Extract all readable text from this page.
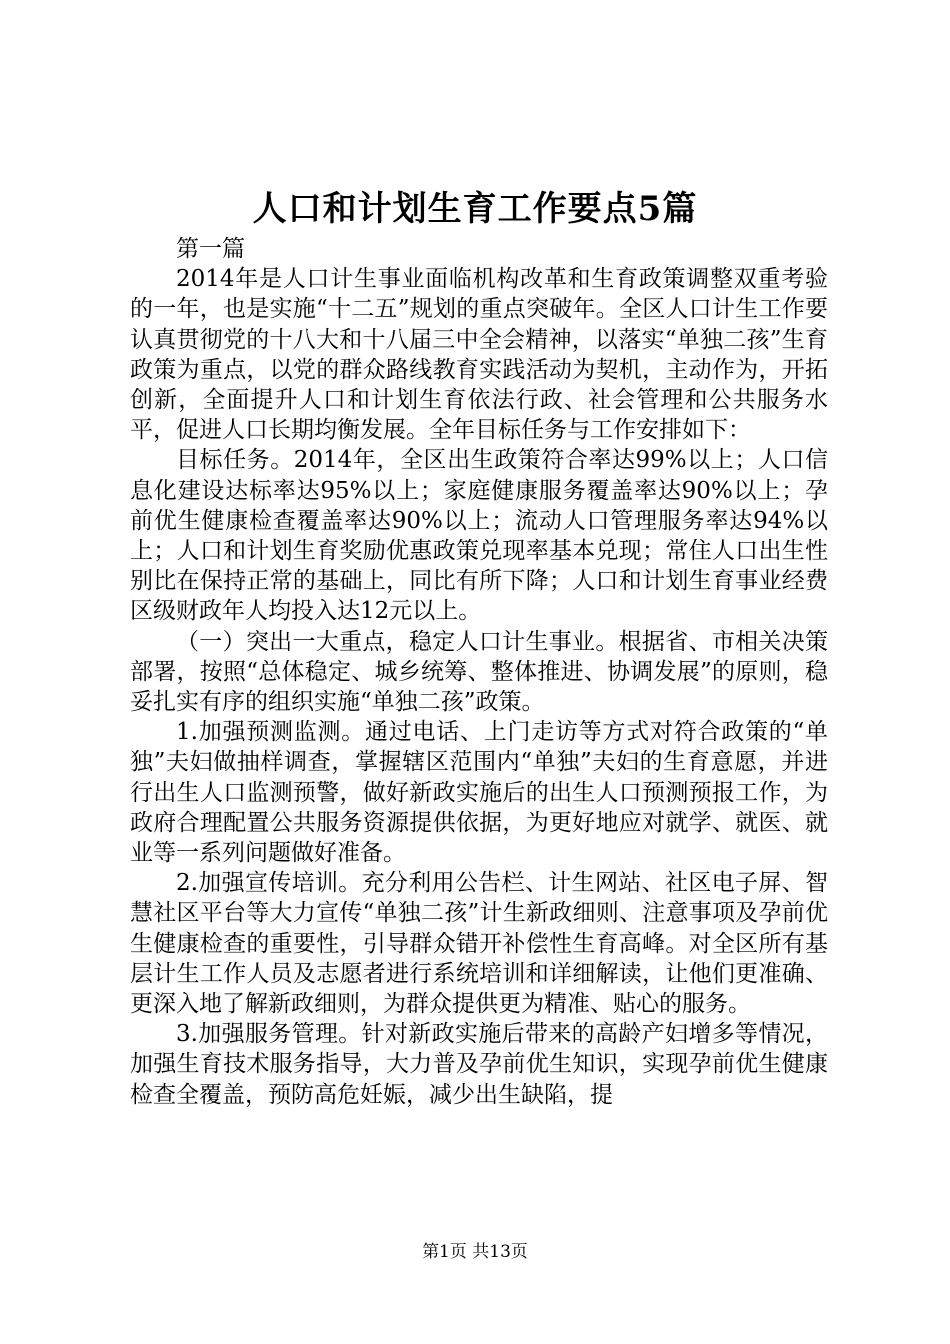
人口和计划生育工作要点5篇

第一篇

2014年是人口计生事业面临机构改革和生育政策调整双重考验的一年，也是实施“十二五”规划的重点突破年。全区人口计生工作要认真贯彻党的十八大和十八届三中全会精神，以落实“单独二孩”生育政策为重点，以党的群众路线教育实践活动为契机，主动作为，开拓创新，全面提升人口和计划生育依法行政、社会管理和公共服务水平，促进人口长期均衡发展。全年目标任务与工作安排如下：

目标任务。2014年，全区出生政策符合率达99%以上；人口信息化建设达标率达95%以上；家庭健康服务覆盖率达90%以上；孕前优生健康检查覆盖率达90%以上；流动人口管理服务率达94%以上；人口和计划生育奖励优惠政策兑现率基本兑现；常住人口出生性别比在保持正常的基础上，同比有所下降；人口和计划生育事业经费区级财政年人均投入达12元以上。

（一）突出一大重点，稳定人口计生事业。根据省、市相关决策部署，按照“总体稳定、城乡统筹、整体推进、协调发展”的原则，稳妥扎实有序的组织实施“单独二孩”政策。

1.加强预测监测。通过电话、上门走访等方式对符合政策的“单独”夫妇做抽样调查，掌握辖区范围内“单独”夫妇的生育意愿，并进行出生人口监测预警，做好新政实施后的出生人口预测预报工作，为政府合理配置公共服务资源提供依据，为更好地应对就学、就医、就业等一系列问题做好准备。

2.加强宣传培训。充分利用公告栏、计生网站、社区电子屏、智慧社区平台等大力宣传“单独二孩”计生新政细则、注意事项及孕前优生健康检查的重要性，引导群众错开补偿性生育高峰。对全区所有基层计生工作人员及志愿者进行系统培训和详细解读，让他们更准确、更深入地了解新政细则，为群众提供更为精准、贴心的服务。

3.加强服务管理。针对新政实施后带来的高龄产妇增多等情况，加强生育技术服务指导，大力普及孕前优生知识，实现孕前优生健康检查全覆盖，预防高危妊娠，减少出生缺陷，提

第1页 共13页
